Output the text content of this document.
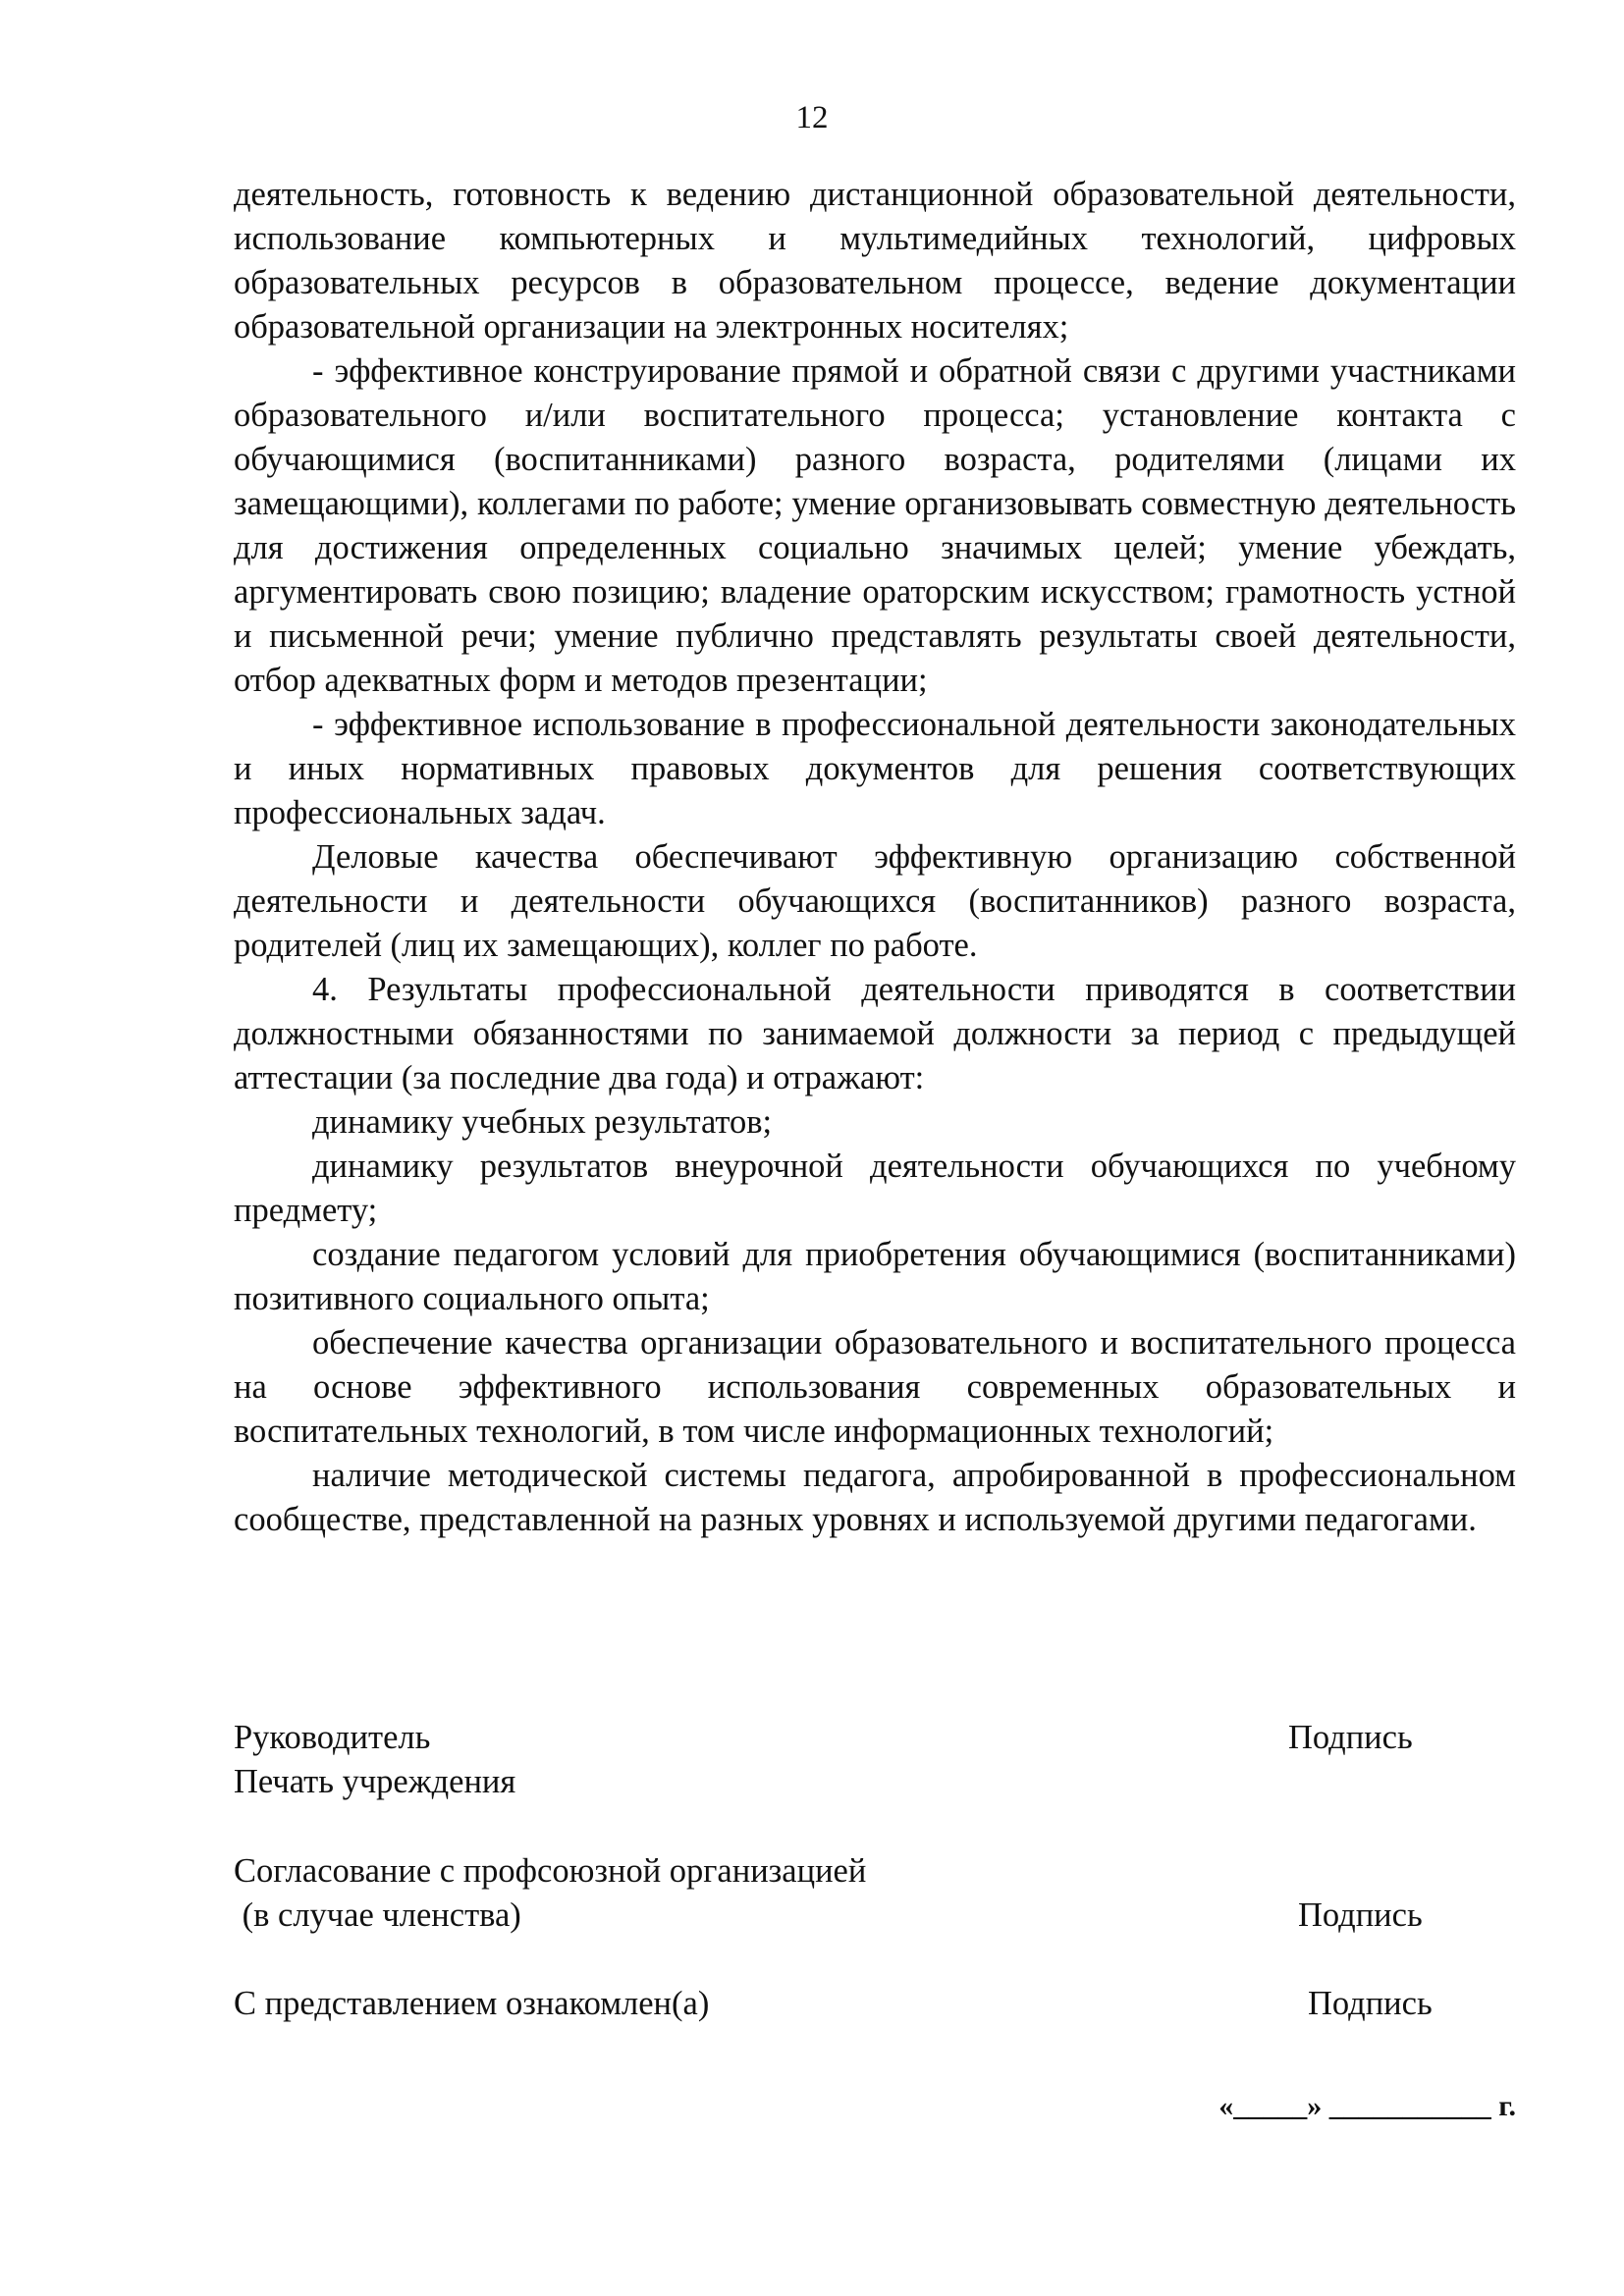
12

деятельность, готовность к ведению дистанционной образовательной деятельности, использование компьютерных и мультимедийных технологий, цифровых образовательных ресурсов в образовательном процессе, ведение документации образовательной организации на электронных носителях;

- эффективное конструирование прямой и обратной связи с другими участниками образовательного и/или воспитательного процесса; установление контакта с обучающимися (воспитанниками) разного возраста, родителями (лицами их замещающими), коллегами по работе; умение организовывать совместную деятельность для достижения определенных социально значимых целей; умение убеждать, аргументировать свою позицию; владение ораторским искусством; грамотность устной и письменной речи; умение публично представлять результаты своей деятельности, отбор адекватных форм и методов презентации;

- эффективное использование в профессиональной деятельности законодательных и иных нормативных правовых документов для решения соответствующих профессиональных задач.

Деловые качества обеспечивают эффективную организацию собственной деятельности и деятельности обучающихся (воспитанников) разного возраста, родителей (лиц их замещающих), коллег по работе.

4. Результаты профессиональной деятельности приводятся в соответствии должностными обязанностями по занимаемой должности за период с предыдущей аттестации (за последние два года) и отражают:

динамику учебных результатов;

динамику результатов внеурочной деятельности обучающихся по учебному предмету;

создание педагогом условий для приобретения обучающимися (воспитанниками) позитивного социального опыта;

обеспечение качества организации образовательного и воспитательного процесса на основе эффективного использования современных образовательных и воспитательных технологий, в том числе информационных технологий;

наличие методической системы педагога, апробированной в профессиональном сообществе, представленной на разных уровнях и используемой другими педагогами.

Руководитель	Подпись
Печать учреждения
Согласование с профсоюзной организацией
(в случае членства)	Подпись
С представлением ознакомлен(а)	Подпись
«_____» ___________ г.
